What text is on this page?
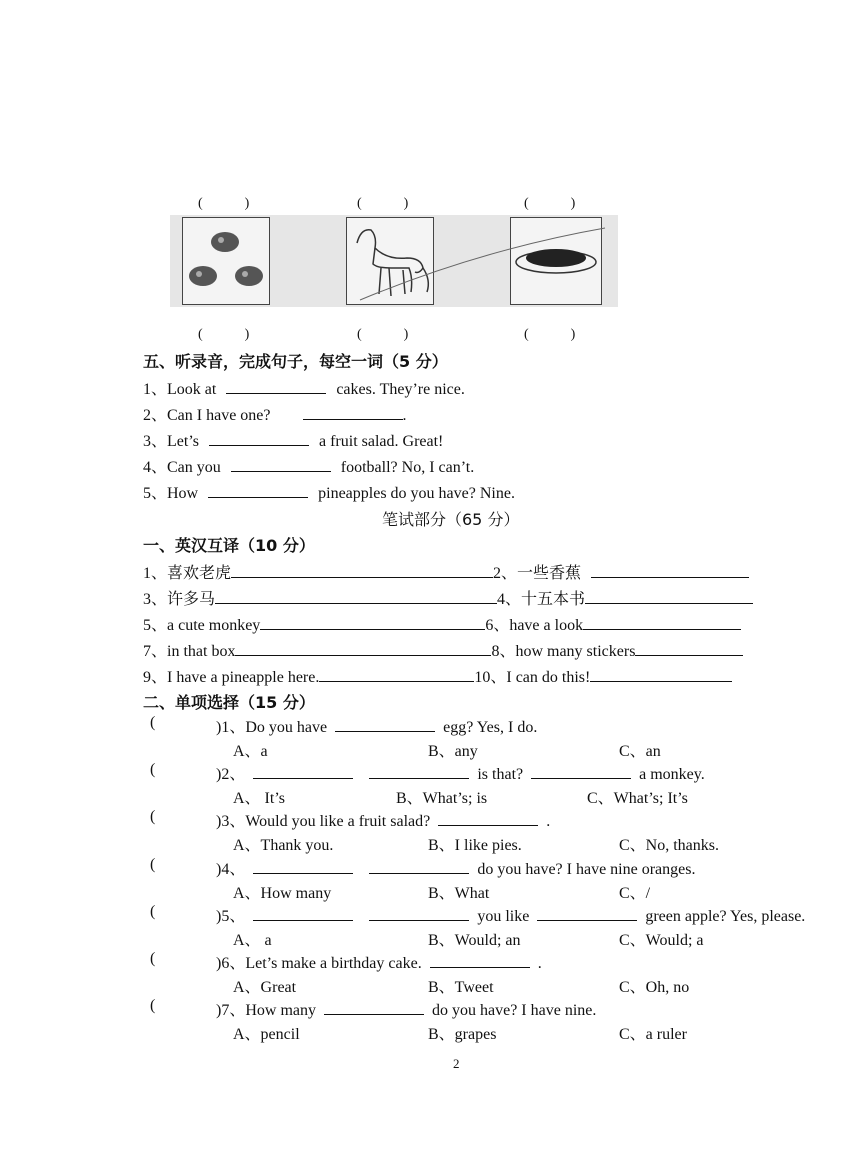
(　　　)	(　　　)	(　　　)
(　　　)	(　　　)	(　　　)
五、听录音，完成句子，每空一词（5 分）
1、Look at	cakes. They’re nice.
2、Can I have one?	.
3、Let’s	a fruit salad. Great!
4、Can you	football? No, I can’t.
5、How	pineapples do you have? Nine.
笔试部分（65 分）
一、英汉互译（10 分）
1、喜欢老虎	2、一些香蕉
3、许多马	4、十五本书
5、a cute monkey	6、have a look
7、in that box	8、how many stickers
9、I have a pineapple here.	10、I can do this!
二、单项选择（15 分）
(	)1、Do you have	egg? Yes, I do.
A、a	B、any	C、an
(	)2、	is that?	a monkey.
A、 It’s	B、What’s; is	C、What’s; It’s
(	)3、Would you like a fruit salad?	.
A、Thank you.	B、I like pies.	C、No, thanks.
(	)4、	do you have? I have nine oranges.
A、How many	B、What	C、/
(	)5、	you like	green apple? Yes, please.
A、 a	B、Would; an	C、Would; a
(	)6、Let’s make a birthday cake.	.
A、Great	B、Tweet	C、Oh, no
(	)7、How many	do you have? I have nine.
A、pencil	B、grapes	C、a ruler
2
